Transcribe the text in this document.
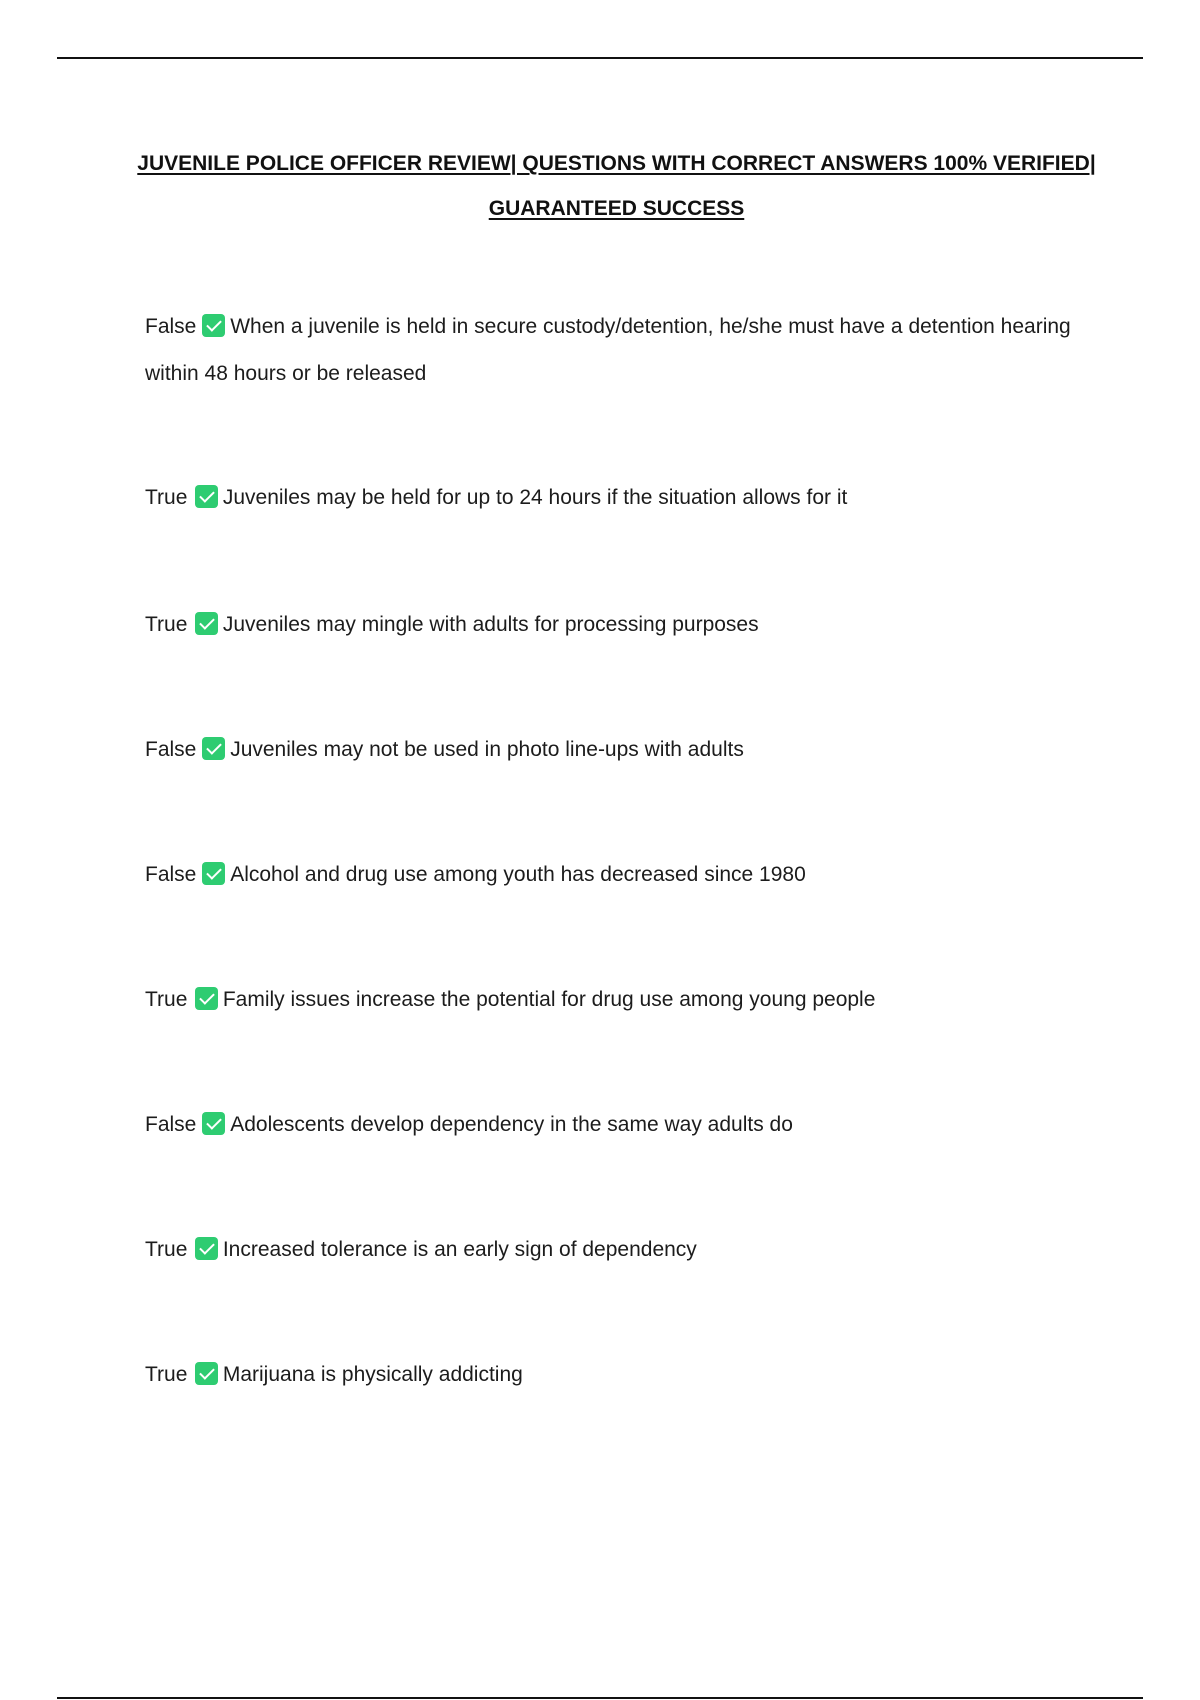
JUVENILE POLICE OFFICER REVIEW| QUESTIONS WITH CORRECT ANSWERS 100% VERIFIED|
GUARANTEED SUCCESS
False When a juvenile is held in secure custody/detention, he/she must have a detention hearing within 48 hours or be released
True Juveniles may be held for up to 24 hours if the situation allows for it
True Juveniles may mingle with adults for processing purposes
False Juveniles may not be used in photo line-ups with adults
False Alcohol and drug use among youth has decreased since 1980
True Family issues increase the potential for drug use among young people
False Adolescents develop dependency in the same way adults do
True Increased tolerance is an early sign of dependency
True Marijuana is physically addicting
